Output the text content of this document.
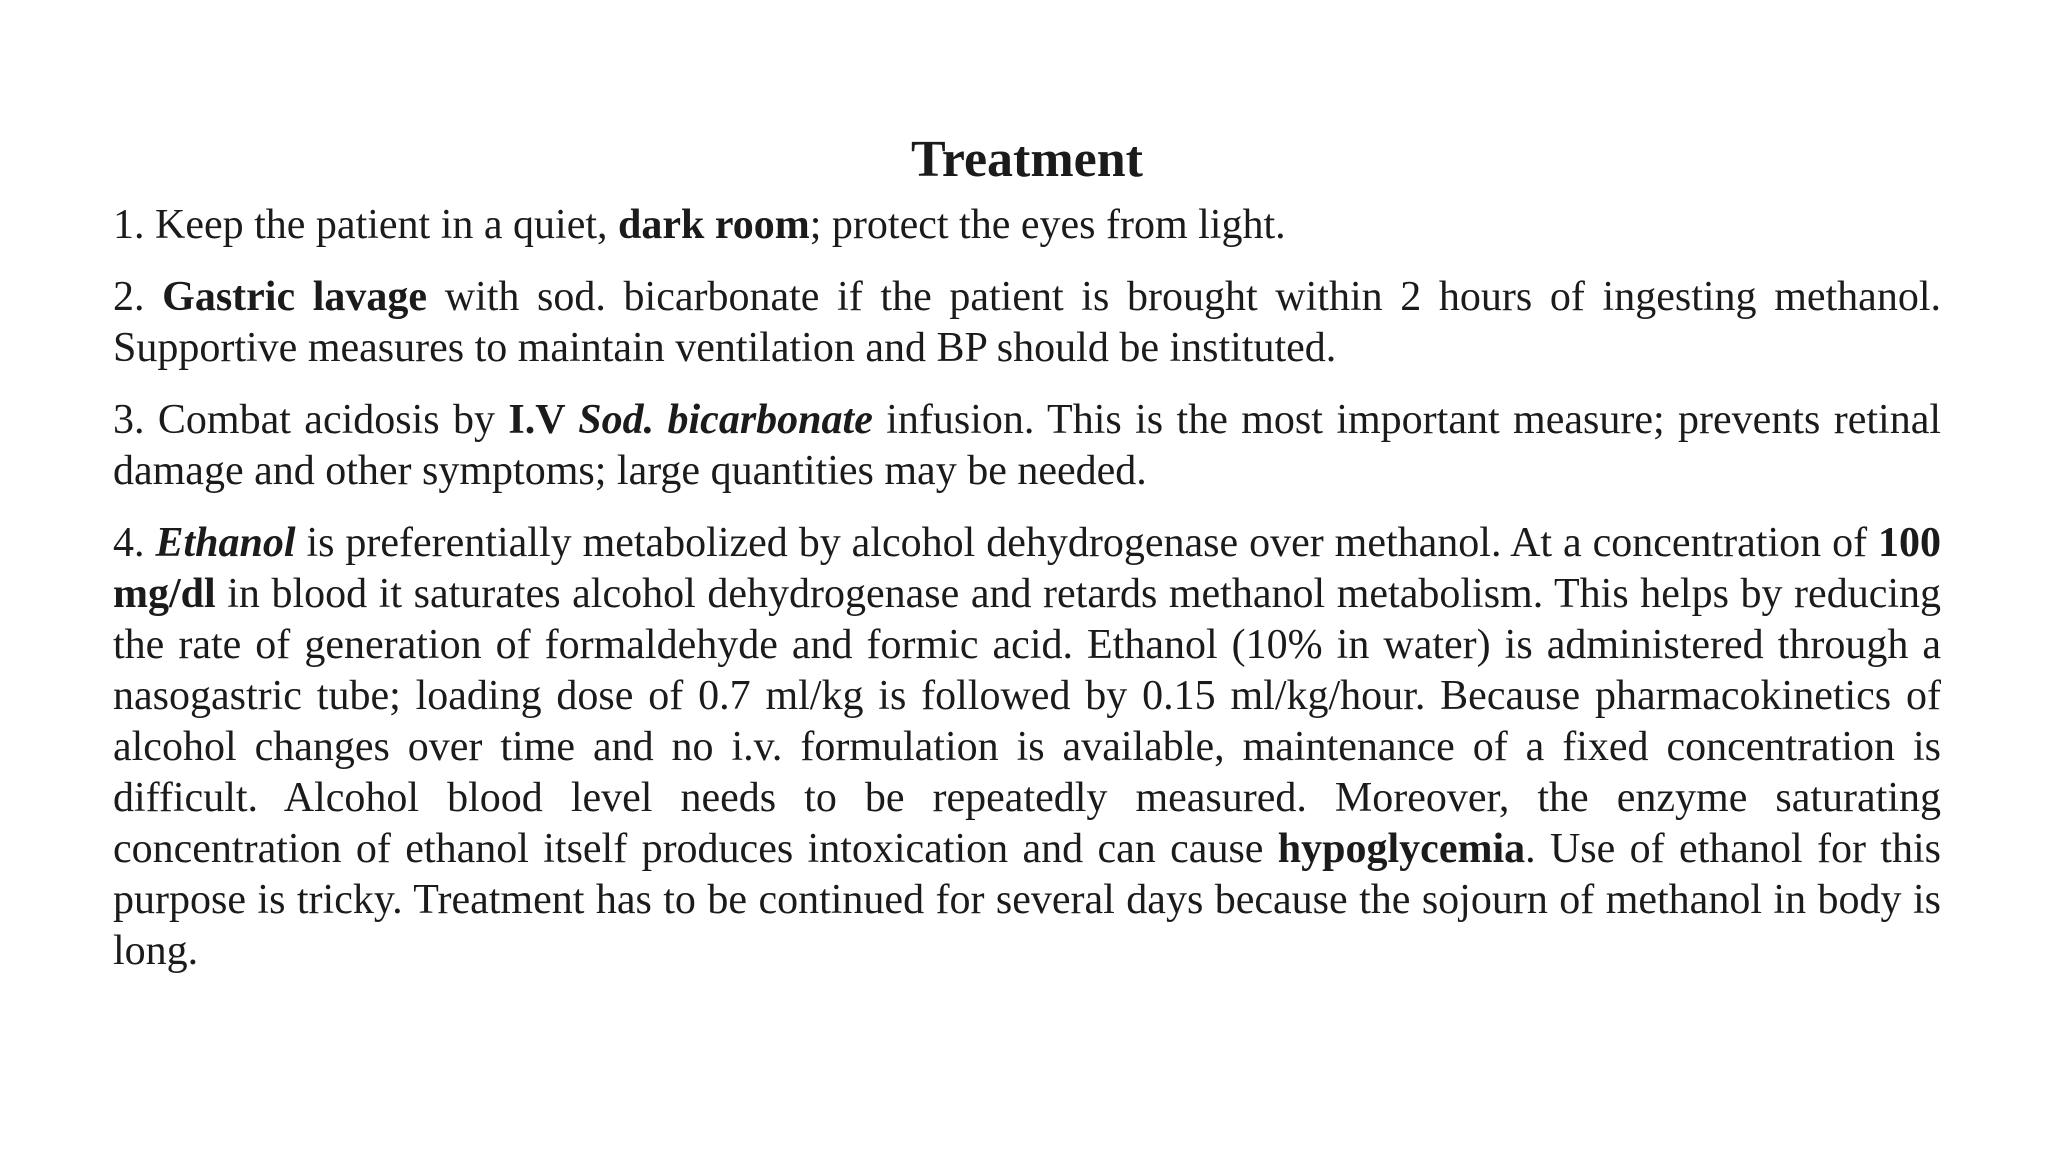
Treatment

1. Keep the patient in a quiet, dark room; protect the eyes from light.

2. Gastric lavage with sod. bicarbonate if the patient is brought within 2 hours of ingesting methanol. Supportive measures to maintain ventilation and BP should be instituted.

3. Combat acidosis by I.V Sod. bicarbonate infusion. This is the most important measure; prevents retinal damage and other symptoms; large quantities may be needed.

4. Ethanol is preferentially metabolized by alcohol dehydrogenase over methanol. At a concentration of 100 mg/dl in blood it saturates alcohol dehydrogenase and retards methanol metabolism. This helps by reducing the rate of generation of formaldehyde and formic acid. Ethanol (10% in water) is administered through a nasogastric tube; loading dose of 0.7 ml/kg is followed by 0.15 ml/kg/hour. Because pharmacokinetics of alcohol changes over time and no i.v. formulation is available, maintenance of a fixed concentration is difficult. Alcohol blood level needs to be repeatedly measured. Moreover, the enzyme saturating concentration of ethanol itself produces intoxication and can cause hypoglycemia. Use of ethanol for this purpose is tricky. Treatment has to be continued for several days because the sojourn of methanol in body is long.
